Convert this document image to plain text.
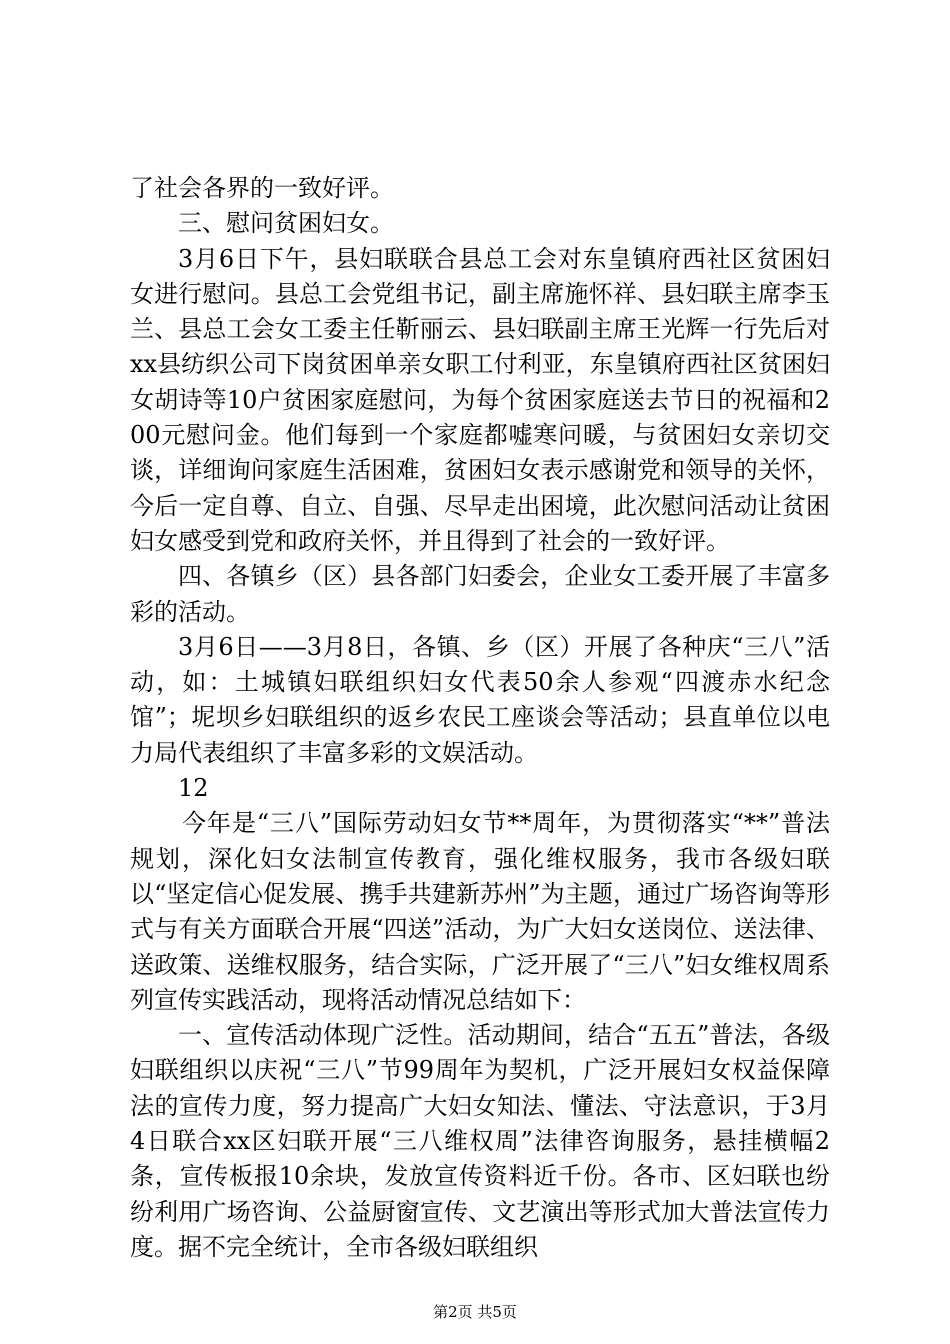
了社会各界的一致好评。

三、慰问贫困妇女。

3月6日下午，县妇联联合县总工会对东皇镇府西社区贫困妇女进行慰问。县总工会党组书记，副主席施怀祥、县妇联主席李玉兰、县总工会女工委主任靳丽云、县妇联副主席王光辉一行先后对xx县纺织公司下岗贫困单亲女职工付利亚，东皇镇府西社区贫困妇女胡诗等10户贫困家庭慰问，为每个贫困家庭送去节日的祝福和200元慰问金。他们每到一个家庭都嘘寒问暖，与贫困妇女亲切交谈，详细询问家庭生活困难，贫困妇女表示感谢党和领导的关怀，今后一定自尊、自立、自强、尽早走出困境，此次慰问活动让贫困妇女感受到党和政府关怀，并且得到了社会的一致好评。

四、各镇乡（区）县各部门妇委会，企业女工委开展了丰富多彩的活动。

3月6日——3月8日，各镇、乡（区）开展了各种庆“三八”活动，如：土城镇妇联组织妇女代表50余人参观“四渡赤水纪念馆”；坭坝乡妇联组织的返乡农民工座谈会等活动；县直单位以电力局代表组织了丰富多彩的文娱活动。

12

今年是“三八”国际劳动妇女节**周年，为贯彻落实“**”普法规划，深化妇女法制宣传教育，强化维权服务，我市各级妇联以“坚定信心促发展、携手共建新苏州”为主题，通过广场咨询等形式与有关方面联合开展“四送”活动，为广大妇女送岗位、送法律、送政策、送维权服务，结合实际，广泛开展了“三八”妇女维权周系列宣传实践活动，现将活动情况总结如下：

一、宣传活动体现广泛性。活动期间，结合“五五”普法，各级妇联组织以庆祝“三八”节99周年为契机，广泛开展妇女权益保障法的宣传力度，努力提高广大妇女知法、懂法、守法意识，于3月4日联合xx区妇联开展“三八维权周”法律咨询服务，悬挂横幅2条，宣传板报10余块，发放宣传资料近千份。各市、区妇联也纷纷利用广场咨询、公益厨窗宣传、文艺演出等形式加大普法宣传力度。据不完全统计，全市各级妇联组织

第2页 共5页
